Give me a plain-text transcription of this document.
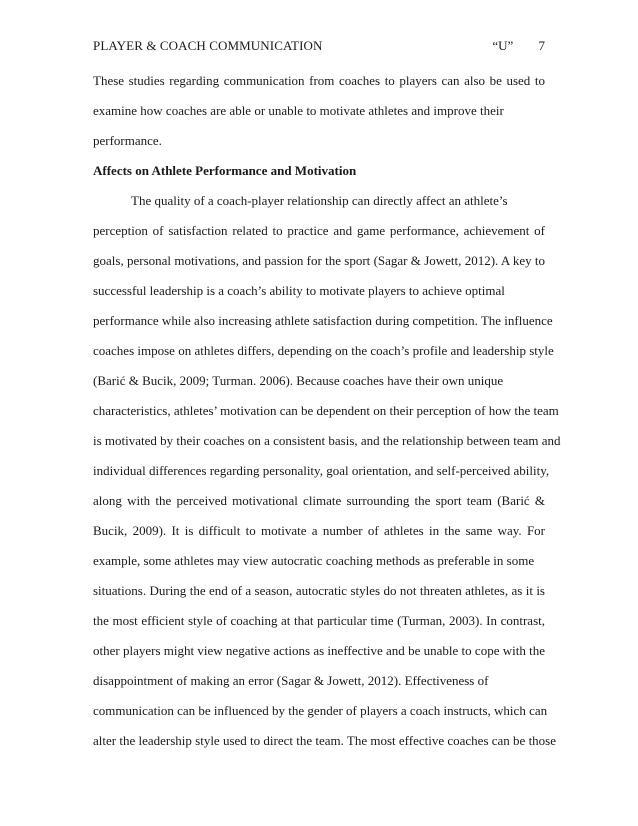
PLAYER & COACH COMMUNICATION	“U” 7
These studies regarding communication from coaches to players can also be used to
examine how coaches are able or unable to motivate athletes and improve their
performance.
Affects on Athlete Performance and Motivation
The quality of a coach-player relationship can directly affect an athlete’s
perception of satisfaction related to practice and game performance, achievement of
goals, personal motivations, and passion for the sport (Sagar & Jowett, 2012). A key to
successful leadership is a coach’s ability to motivate players to achieve optimal
performance while also increasing athlete satisfaction during competition. The influence
coaches impose on athletes differs, depending on the coach’s profile and leadership style
(Barić & Bucik, 2009; Turman. 2006). Because coaches have their own unique
characteristics, athletes’ motivation can be dependent on their perception of how the team
is motivated by their coaches on a consistent basis, and the relationship between team and
individual differences regarding personality, goal orientation, and self-perceived ability,
along with the perceived motivational climate surrounding the sport team (Barić &
Bucik, 2009). It is difficult to motivate a number of athletes in the same way. For
example, some athletes may view autocratic coaching methods as preferable in some
situations. During the end of a season, autocratic styles do not threaten athletes, as it is
the most efficient style of coaching at that particular time (Turman, 2003). In contrast,
other players might view negative actions as ineffective and be unable to cope with the
disappointment of making an error (Sagar & Jowett, 2012). Effectiveness of
communication can be influenced by the gender of players a coach instructs, which can
alter the leadership style used to direct the team. The most effective coaches can be those
